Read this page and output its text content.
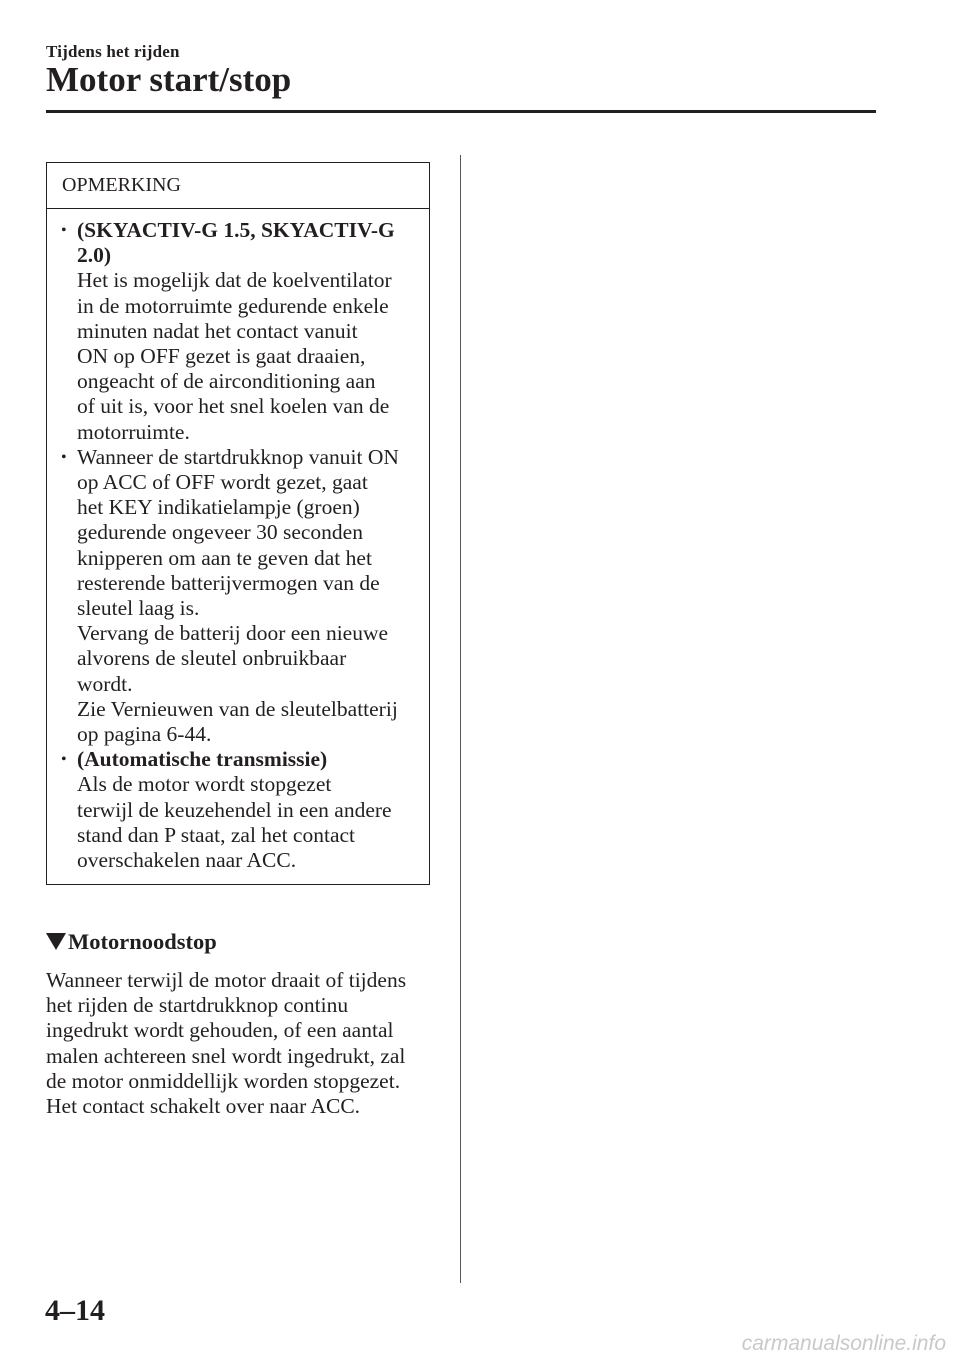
Tijdens het rijden
Motor start/stop
OPMERKING
• (SKYACTIV-G 1.5, SKYACTIV-G
2.0)
Het is mogelijk dat de koelventilator
in de motorruimte gedurende enkele
minuten nadat het contact vanuit
ON op OFF gezet is gaat draaien,
ongeacht of de airconditioning aan
of uit is, voor het snel koelen van de
motorruimte.
• Wanneer de startdrukknop vanuit ON
op ACC of OFF wordt gezet, gaat
het KEY indikatielampje (groen)
gedurende ongeveer 30 seconden
knipperen om aan te geven dat het
resterende batterijvermogen van de
sleutel laag is.
Vervang de batterij door een nieuwe
alvorens de sleutel onbruikbaar
wordt.
Zie Vernieuwen van de sleutelbatterij
op pagina 6-44.
• (Automatische transmissie)
Als de motor wordt stopgezet
terwijl de keuzehendel in een andere
stand dan P staat, zal het contact
overschakelen naar ACC.
Motornoodstop
Wanneer terwijl de motor draait of tijdens
het rijden de startdrukknop continu
ingedrukt wordt gehouden, of een aantal
malen achtereen snel wordt ingedrukt, zal
de motor onmiddellijk worden stopgezet.
Het contact schakelt over naar ACC.
4–14
carmanualsonline.info
